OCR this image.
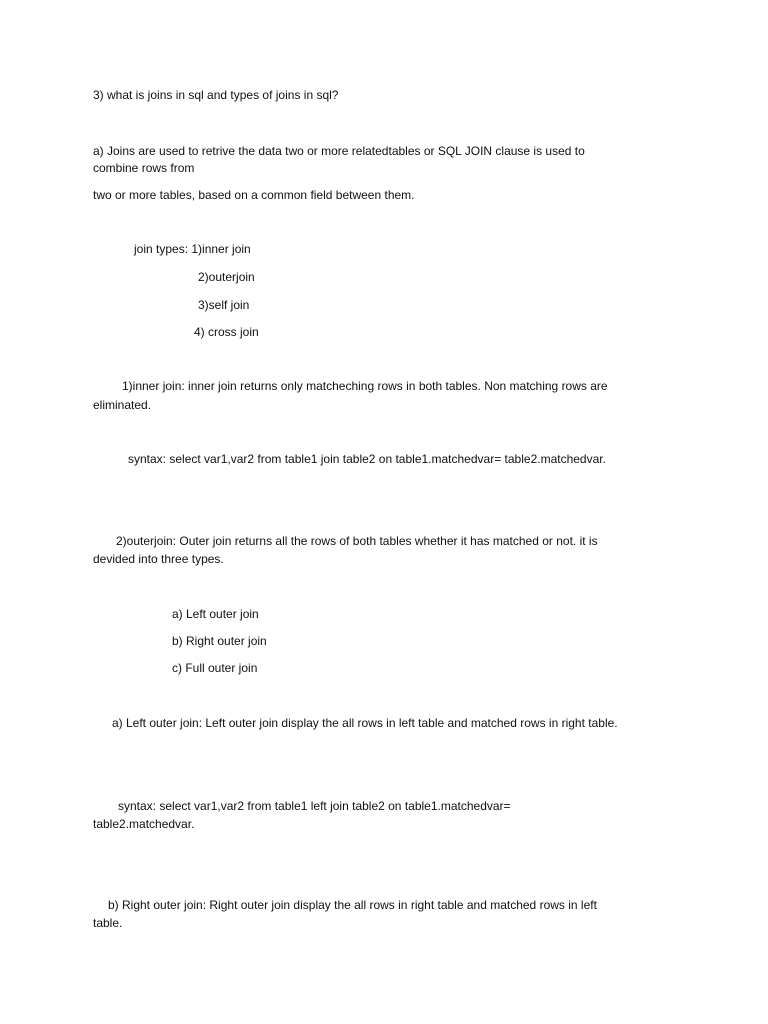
3) what is joins in sql and types of joins in sql?
a) Joins are used to retrive the data two or more relatedtables or SQL JOIN clause is used to
combine rows from
two or more tables, based on a common field between them.
join types: 1)inner join
2)outerjoin
3)self join
4) cross join
1)inner join: inner join returns only matcheching rows in both tables. Non matching rows are
eliminated.
syntax: select var1,var2 from table1 join table2 on table1.matchedvar= table2.matchedvar.
2)outerjoin: Outer join returns all the rows of both tables whether it has matched or not. it is
devided into three types.
a) Left outer join
b) Right outer join
c) Full outer join
a) Left outer join: Left outer join display the all rows in left table and matched rows in right table.
syntax: select var1,var2 from table1 left join table2 on table1.matchedvar=
table2.matchedvar.
b) Right outer join: Right outer join display the all rows in right table and matched rows in left
table.
